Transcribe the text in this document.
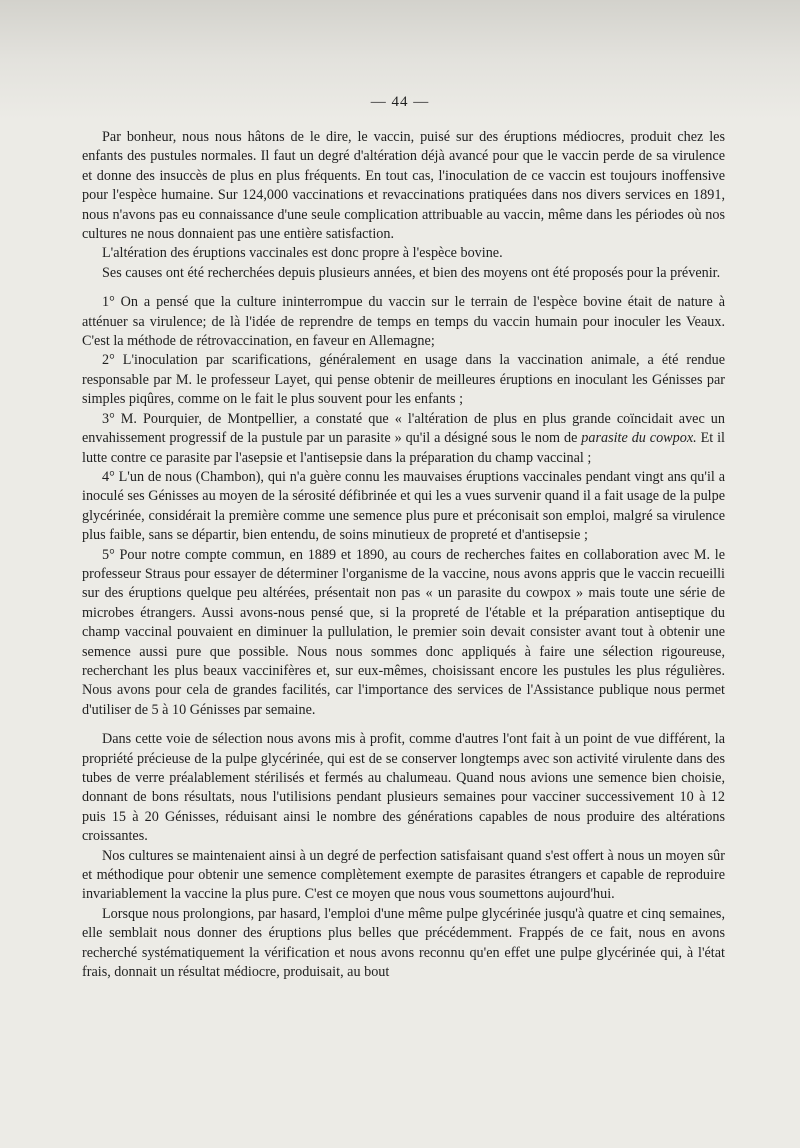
— 44 —

Par bonheur, nous nous hâtons de le dire, le vaccin, puisé sur des éruptions médiocres, produit chez les enfants des pustules normales. Il faut un degré d'altération déjà avancé pour que le vaccin perde de sa virulence et donne des insuccès de plus en plus fréquents. En tout cas, l'inoculation de ce vaccin est toujours inoffensive pour l'espèce humaine. Sur 124,000 vaccinations et revaccinations pratiquées dans nos divers services en 1891, nous n'avons pas eu connaissance d'une seule complication attribuable au vaccin, même dans les périodes où nos cultures ne nous donnaient pas une entière satisfaction.

L'altération des éruptions vaccinales est donc propre à l'espèce bovine.

Ses causes ont été recherchées depuis plusieurs années, et bien des moyens ont été proposés pour la prévenir.

1° On a pensé que la culture ininterrompue du vaccin sur le terrain de l'espèce bovine était de nature à atténuer sa virulence; de là l'idée de reprendre de temps en temps du vaccin humain pour inoculer les Veaux. C'est la méthode de rétrovaccination, en faveur en Allemagne;

2° L'inoculation par scarifications, généralement en usage dans la vaccination animale, a été rendue responsable par M. le professeur Layet, qui pense obtenir de meilleures éruptions en inoculant les Génisses par simples piqûres, comme on le fait le plus souvent pour les enfants ;

3° M. Pourquier, de Montpellier, a constaté que « l'altération de plus en plus grande coïncidait avec un envahissement progressif de la pustule par un parasite » qu'il a désigné sous le nom de parasite du cowpox. Et il lutte contre ce parasite par l'asepsie et l'antisepsie dans la préparation du champ vaccinal ;

4° L'un de nous (Chambon), qui n'a guère connu les mauvaises éruptions vaccinales pendant vingt ans qu'il a inoculé ses Génisses au moyen de la sérosité défibrinée et qui les a vues survenir quand il a fait usage de la pulpe glycérinée, considérait la première comme une semence plus pure et préconisait son emploi, malgré sa virulence plus faible, sans se départir, bien entendu, de soins minutieux de propreté et d'antisepsie ;

5° Pour notre compte commun, en 1889 et 1890, au cours de recherches faites en collaboration avec M. le professeur Straus pour essayer de déterminer l'organisme de la vaccine, nous avons appris que le vaccin recueilli sur des éruptions quelque peu altérées, présentait non pas « un parasite du cowpox » mais toute une série de microbes étrangers. Aussi avons-nous pensé que, si la propreté de l'étable et la préparation antiseptique du champ vaccinal pouvaient en diminuer la pullulation, le premier soin devait consister avant tout à obtenir une semence aussi pure que possible. Nous nous sommes donc appliqués à faire une sélection rigoureuse, recherchant les plus beaux vaccinifères et, sur eux-mêmes, choisissant encore les pustules les plus régulières. Nous avons pour cela de grandes facilités, car l'importance des services de l'Assistance publique nous permet d'utiliser de 5 à 10 Génisses par semaine.

Dans cette voie de sélection nous avons mis à profit, comme d'autres l'ont fait à un point de vue différent, la propriété précieuse de la pulpe glycérinée, qui est de se conserver longtemps avec son activité virulente dans des tubes de verre préalablement stérilisés et fermés au chalumeau. Quand nous avions une semence bien choisie, donnant de bons résultats, nous l'utilisions pendant plusieurs semaines pour vacciner successivement 10 à 12 puis 15 à 20 Génisses, réduisant ainsi le nombre des générations capables de nous produire des altérations croissantes.

Nos cultures se maintenaient ainsi à un degré de perfection satisfaisant quand s'est offert à nous un moyen sûr et méthodique pour obtenir une semence complètement exempte de parasites étrangers et capable de reproduire invariablement la vaccine la plus pure. C'est ce moyen que nous vous soumettons aujourd'hui.

Lorsque nous prolongions, par hasard, l'emploi d'une même pulpe glycérinée jusqu'à quatre et cinq semaines, elle semblait nous donner des éruptions plus belles que précédemment. Frappés de ce fait, nous en avons recherché systématiquement la vérification et nous avons reconnu qu'en effet une pulpe glycérinée qui, à l'état frais, donnait un résultat médiocre, produisait, au bout
